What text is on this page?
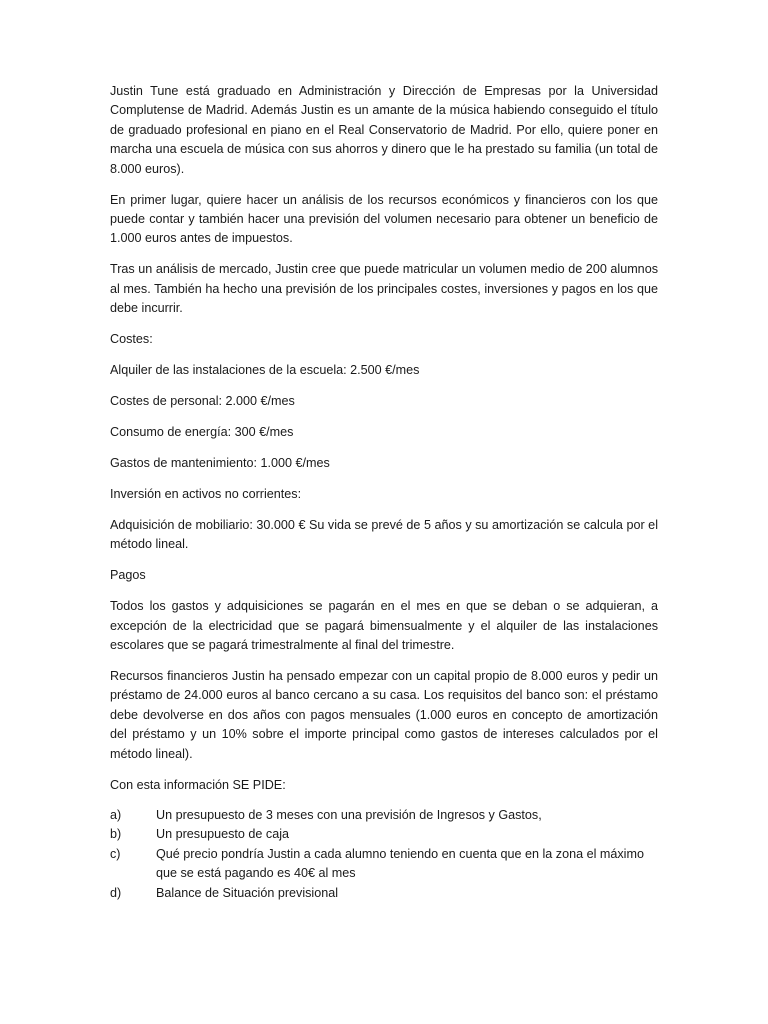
Justin Tune está graduado en Administración y Dirección de Empresas por la Universidad Complutense de Madrid. Además Justin es un amante de la música habiendo conseguido el título de graduado profesional en piano en el Real Conservatorio de Madrid. Por ello, quiere poner en marcha una escuela de música con sus ahorros y dinero que le ha prestado su familia (un total de 8.000 euros).

En primer lugar, quiere hacer un análisis de los recursos económicos y financieros con los que puede contar y también hacer una previsión del volumen necesario para obtener un beneficio de 1.000 euros antes de impuestos.

Tras un análisis de mercado, Justin cree que puede matricular un volumen medio de 200 alumnos al mes. También ha hecho una previsión de los principales costes, inversiones y pagos en los que debe incurrir.

Costes:

Alquiler de las instalaciones de la escuela: 2.500 €/mes

Costes de personal: 2.000 €/mes

Consumo de energía: 300 €/mes

Gastos de mantenimiento: 1.000 €/mes

Inversión en activos no corrientes:

Adquisición de mobiliario: 30.000 € Su vida se prevé de 5 años y su amortización se calcula por el método lineal.

Pagos

Todos los gastos y adquisiciones se pagarán en el mes en que se deban o se adquieran, a excepción de la electricidad que se pagará bimensualmente y el alquiler de las instalaciones escolares que se pagará trimestralmente al final del trimestre.

Recursos financieros Justin ha pensado empezar con un capital propio de 8.000 euros y pedir un préstamo de 24.000 euros al banco cercano a su casa. Los requisitos del banco son: el préstamo debe devolverse en dos años con pagos mensuales (1.000 euros en concepto de amortización del préstamo y un 10% sobre el importe principal como gastos de intereses calculados por el método lineal).

Con esta información SE PIDE:

a)	Un presupuesto de 3 meses con una previsión de Ingresos y Gastos,
b)	Un presupuesto de caja
c)	Qué precio pondría Justin a cada alumno teniendo en cuenta que en la zona el máximo que se está pagando es 40€ al mes
d)	Balance de Situación previsional
